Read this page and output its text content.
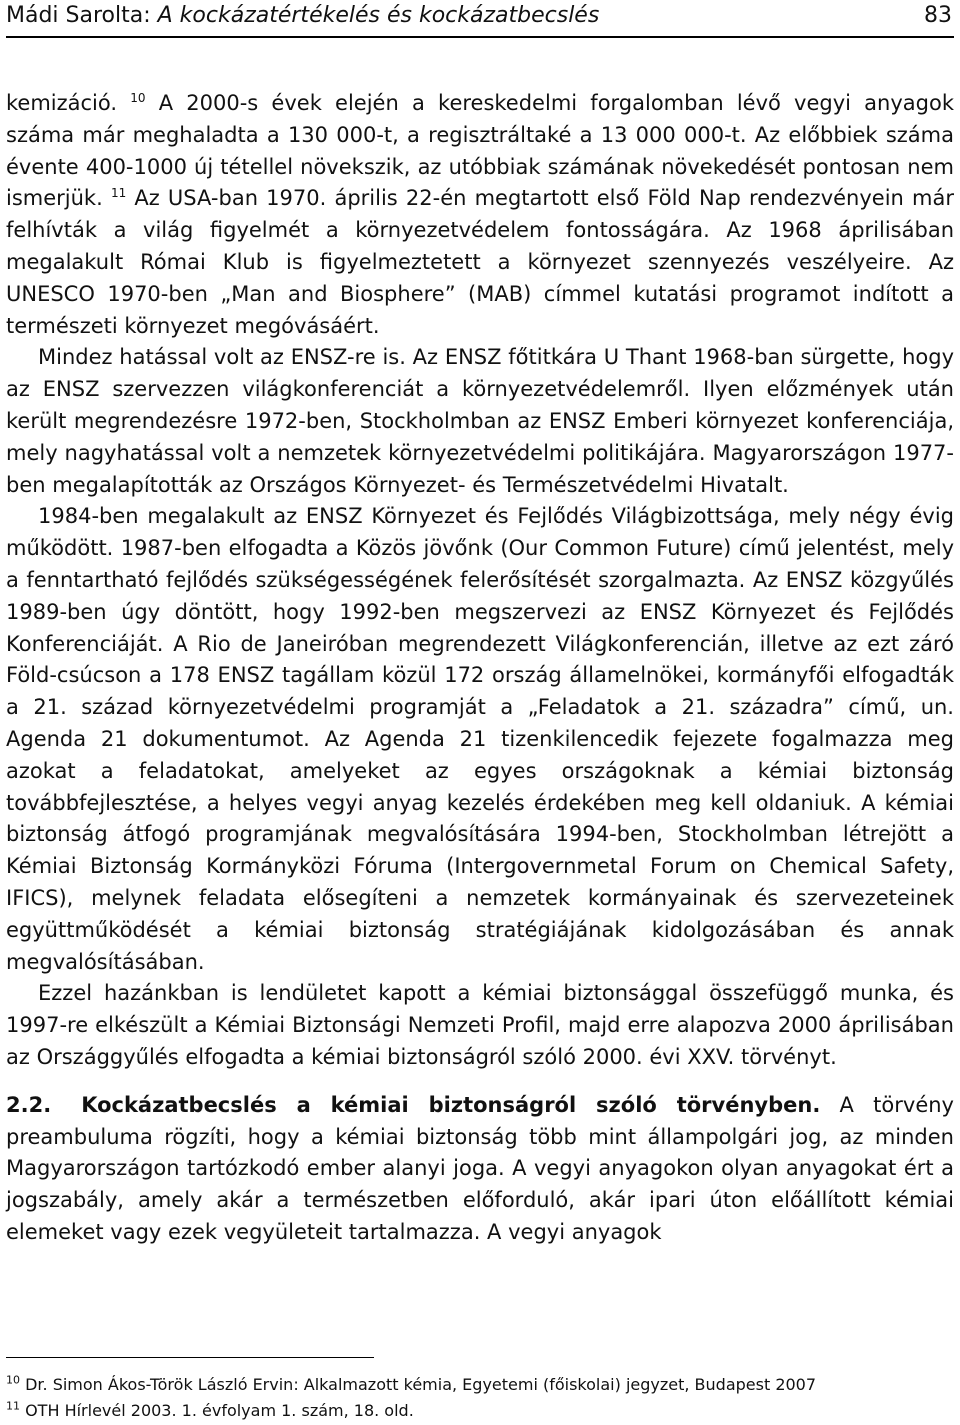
Mádi Sarolta: A kockázatértékelés és kockázatbecslés	83

kemizáció. $^{10}$ A 2000-s évek elején a kereskedelmi forgalomban lévő vegyi anyagok száma már meghaladta a 130 000-t, a regisztráltaké a 13 000 000-t. Az előbbiek száma évente 400-1000 új tétellel növekszik, az utóbbiak számának növekedését pontosan nem ismerjük. $^{11}$ Az USA-ban 1970. április 22-én megtartott első Föld Nap rendezvényein már felhívták a világ figyelmét a környezetvédelem fontosságára. Az 1968 áprilisában megalakult Római Klub is figyelmeztetett a környezet szennyezés veszélyeire. Az UNESCO 1970-ben „Man and Biosphere” (MAB) címmel kutatási programot indított a természeti környezet megóvásáért.

Mindez hatással volt az ENSZ-re is. Az ENSZ főtitkára U Thant 1968-ban sürgette, hogy az ENSZ szervezzen világkonferenciát a környezetvédelemről. Ilyen előzmények után került megrendezésre 1972-ben, Stockholmban az ENSZ Emberi környezet konferenciája, mely nagyhatással volt a nemzetek környezetvédelmi politikájára. Magyarországon 1977-ben megalapították az Országos Környezet- és Természetvédelmi Hivatalt.

1984-ben megalakult az ENSZ Környezet és Fejlődés Világbizottsága, mely négy évig működött. 1987-ben elfogadta a Közös jövőnk (Our Common Future) című jelentést, mely a fenntartható fejlődés szükségességének felerősítését szorgalmazta. Az ENSZ közgyűlés 1989-ben úgy döntött, hogy 1992-ben megszervezi az ENSZ Környezet és Fejlődés Konferenciáját. A Rio de Janeiróban megrendezett Világkonferencián, illetve az ezt záró Föld-csúcson a 178 ENSZ tagállam közül 172 ország államelnökei, kormányfői elfogadták a 21. század környezetvédelmi programját a „Feladatok a 21. századra” című, un. Agenda 21 dokumentumot. Az Agenda 21 tizenkilencedik fejezete fogalmazza meg azokat a feladatokat, amelyeket az egyes országoknak a kémiai biztonság továbbfejlesztése, a helyes vegyi anyag kezelés érdekében meg kell oldaniuk. A kémiai biztonság átfogó programjának megvalósítására 1994-ben, Stockholmban létrejött a Kémiai Biztonság Kormányközi Fóruma (Intergovernmetal Forum on Chemical Safety, IFICS), melynek feladata elősegíteni a nemzetek kormányainak és szervezeteinek együttműködését a kémiai biztonság stratégiájának kidolgozásában és annak megvalósításában.

Ezzel hazánkban is lendületet kapott a kémiai biztonsággal összefüggő munka, és 1997-re elkészült a Kémiai Biztonsági Nemzeti Profil, majd erre alapozva 2000 áprilisában az Országgyűlés elfogadta a kémiai biztonságról szóló 2000. évi XXV. törvényt.

2.2. Kockázatbecslés a kémiai biztonságról szóló törvényben. A törvény preambuluma rögzíti, hogy a kémiai biztonság több mint állampolgári jog, az minden Magyarországon tartózkodó ember alanyi joga. A vegyi anyagokon olyan anyagokat ért a jogszabály, amely akár a természetben előforduló, akár ipari úton előállított kémiai elemeket vagy ezek vegyületeit tartalmazza. A vegyi anyagok

$^{10}$ Dr. Simon Ákos-Török László Ervin: Alkalmazott kémia, Egyetemi (főiskolai) jegyzet, Budapest 2007
$^{11}$ OTH Hírlevél 2003. 1. évfolyam 1. szám, 18. old.
